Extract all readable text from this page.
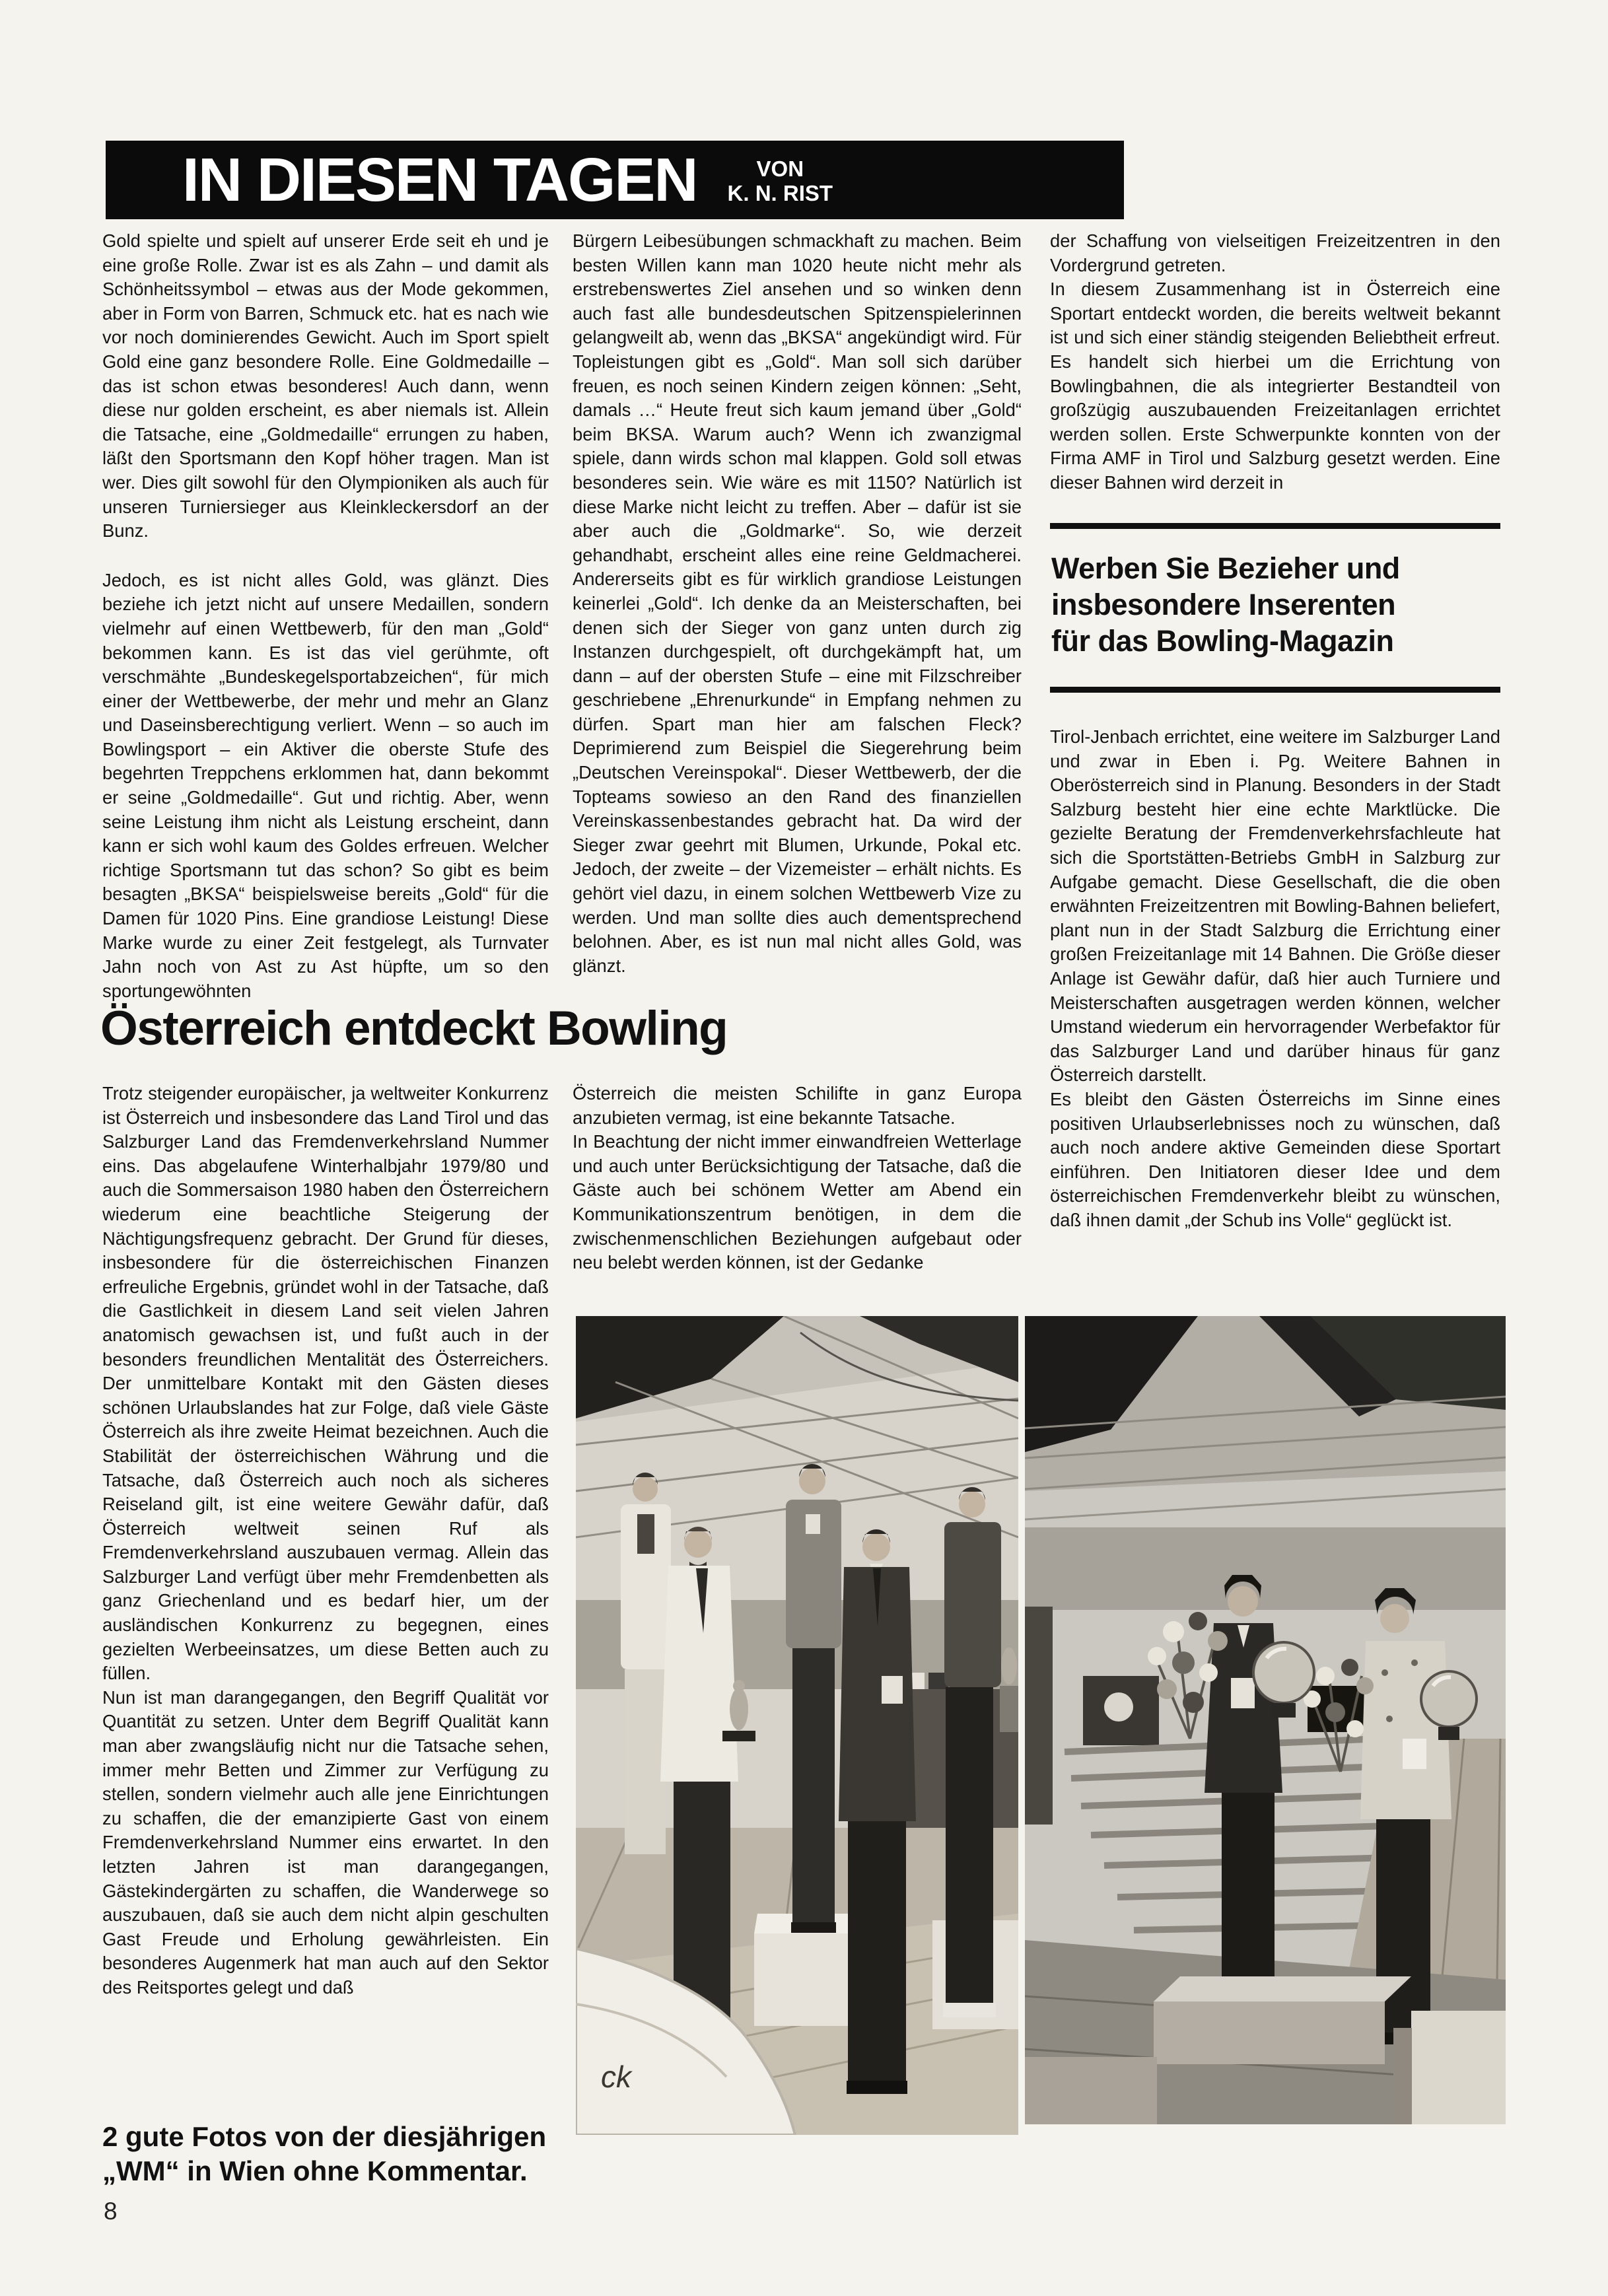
IN DIESEN TAGEN	VON
K. N. RIST

Gold spielte und spielt auf unserer Erde seit eh und je eine große Rolle. Zwar ist es als Zahn – und damit als Schönheitssymbol – etwas aus der Mode gekommen, aber in Form von Barren, Schmuck etc. hat es nach wie vor noch dominierendes Gewicht. Auch im Sport spielt Gold eine ganz besondere Rolle. Eine Goldmedaille – das ist schon etwas besonderes! Auch dann, wenn diese nur golden erscheint, es aber niemals ist. Allein die Tatsache, eine „Goldmedaille“ errungen zu haben, läßt den Sportsmann den Kopf höher tragen. Man ist wer. Dies gilt sowohl für den Olympioniken als auch für unseren Turniersieger aus Kleinkleckersdorf an der Bunz.

Jedoch, es ist nicht alles Gold, was glänzt. Dies beziehe ich jetzt nicht auf unsere Medaillen, sondern vielmehr auf einen Wettbewerb, für den man „Gold“ bekommen kann. Es ist das viel gerühmte, oft verschmähte „Bundeskegelsportabzeichen“, für mich einer der Wettbewerbe, der mehr und mehr an Glanz und Daseinsberechtigung verliert. Wenn – so auch im Bowlingsport – ein Aktiver die oberste Stufe des begehrten Treppchens erklommen hat, dann bekommt er seine „Goldmedaille“. Gut und richtig. Aber, wenn seine Leistung ihm nicht als Leistung erscheint, dann kann er sich wohl kaum des Goldes erfreuen. Welcher richtige Sportsmann tut das schon? So gibt es beim besagten „BKSA“ beispielsweise bereits „Gold“ für die Damen für 1020 Pins. Eine grandiose Leistung! Diese Marke wurde zu einer Zeit festgelegt, als Turnvater Jahn noch von Ast zu Ast hüpfte, um so den sportungewöhnten

Bürgern Leibesübungen schmackhaft zu machen. Beim besten Willen kann man 1020 heute nicht mehr als erstrebenswertes Ziel ansehen und so winken denn auch fast alle bundesdeutschen Spitzenspielerinnen gelangweilt ab, wenn das „BKSA“ angekündigt wird. Für Topleistungen gibt es „Gold“. Man soll sich darüber freuen, es noch seinen Kindern zeigen können: „Seht, damals …“ Heute freut sich kaum jemand über „Gold“ beim BKSA. Warum auch? Wenn ich zwanzigmal spiele, dann wirds schon mal klappen. Gold soll etwas besonderes sein. Wie wäre es mit 1150? Natürlich ist diese Marke nicht leicht zu treffen. Aber – dafür ist sie aber auch die „Goldmarke“. So, wie derzeit gehandhabt, erscheint alles eine reine Geldmacherei. Andererseits gibt es für wirklich grandiose Leistungen keinerlei „Gold“. Ich denke da an Meisterschaften, bei denen sich der Sieger von ganz unten durch zig Instanzen durchgespielt, oft durchgekämpft hat, um dann – auf der obersten Stufe – eine mit Filzschreiber geschriebene „Ehrenurkunde“ in Empfang nehmen zu dürfen. Spart man hier am falschen Fleck? Deprimierend zum Beispiel die Siegerehrung beim „Deutschen Vereinspokal“. Dieser Wettbewerb, der die Topteams sowieso an den Rand des finanziellen Vereinskassenbestandes gebracht hat. Da wird der Sieger zwar geehrt mit Blumen, Urkunde, Pokal etc. Jedoch, der zweite – der Vizemeister – erhält nichts. Es gehört viel dazu, in einem solchen Wettbewerb Vize zu werden. Und man sollte dies auch dementsprechend belohnen. Aber, es ist nun mal nicht alles Gold, was glänzt.

der Schaffung von vielseitigen Freizeitzentren in den Vordergrund getreten.

In diesem Zusammenhang ist in Österreich eine Sportart entdeckt worden, die bereits weltweit bekannt ist und sich einer ständig steigenden Beliebtheit erfreut. Es handelt sich hierbei um die Errichtung von Bowlingbahnen, die als integrierter Bestandteil von großzügig auszubauenden Freizeitanlagen errichtet werden sollen. Erste Schwerpunkte konnten von der Firma AMF in Tirol und Salzburg gesetzt werden. Eine dieser Bahnen wird derzeit in

Werben Sie Bezieher und
insbesondere Inserenten
für das Bowling-Magazin

Tirol-Jenbach errichtet, eine weitere im Salzburger Land und zwar in Eben i. Pg. Weitere Bahnen in Oberösterreich sind in Planung. Besonders in der Stadt Salzburg besteht hier eine echte Marktlücke. Die gezielte Beratung der Fremdenverkehrsfachleute hat sich die Sportstätten-Betriebs GmbH in Salzburg zur Aufgabe gemacht. Diese Gesellschaft, die die oben erwähnten Freizeitzentren mit Bowling-Bahnen beliefert, plant nun in der Stadt Salzburg die Errichtung einer großen Freizeitanlage mit 14 Bahnen. Die Größe dieser Anlage ist Gewähr dafür, daß hier auch Turniere und Meisterschaften ausgetragen werden können, welcher Umstand wiederum ein hervorragender Werbefaktor für das Salzburger Land und darüber hinaus für ganz Österreich darstellt.

Es bleibt den Gästen Österreichs im Sinne eines positiven Urlaubserlebnisses noch zu wünschen, daß auch noch andere aktive Gemeinden diese Sportart einführen. Den Initiatoren dieser Idee und dem österreichischen Fremdenverkehr bleibt zu wünschen, daß ihnen damit „der Schub ins Volle“ geglückt ist.

Österreich entdeckt Bowling

Trotz steigender europäischer, ja weltweiter Konkurrenz ist Österreich und insbesondere das Land Tirol und das Salzburger Land das Fremdenverkehrsland Nummer eins. Das abgelaufene Winterhalbjahr 1979/80 und auch die Sommersaison 1980 haben den Österreichern wiederum eine beachtliche Steigerung der Nächtigungsfrequenz gebracht. Der Grund für dieses, insbesondere für die österreichischen Finanzen erfreuliche Ergebnis, gründet wohl in der Tatsache, daß die Gastlichkeit in diesem Land seit vielen Jahren anatomisch gewachsen ist, und fußt auch in der besonders freundlichen Mentalität des Österreichers. Der unmittelbare Kontakt mit den Gästen dieses schönen Urlaubslandes hat zur Folge, daß viele Gäste Österreich als ihre zweite Heimat bezeichnen. Auch die Stabilität der österreichischen Währung und die Tatsache, daß Österreich auch noch als sicheres Reiseland gilt, ist eine weitere Gewähr dafür, daß Österreich weltweit seinen Ruf als Fremdenverkehrsland auszubauen vermag. Allein das Salzburger Land verfügt über mehr Fremdenbetten als ganz Griechenland und es bedarf hier, um der ausländischen Konkurrenz zu begegnen, eines gezielten Werbeeinsatzes, um diese Betten auch zu füllen.

Nun ist man darangegangen, den Begriff Qualität vor Quantität zu setzen. Unter dem Begriff Qualität kann man aber zwangsläufig nicht nur die Tatsache sehen, immer mehr Betten und Zimmer zur Verfügung zu stellen, sondern vielmehr auch alle jene Einrichtungen zu schaffen, die der emanzipierte Gast von einem Fremdenverkehrsland Nummer eins erwartet. In den letzten Jahren ist man darangegangen, Gästekindergärten zu schaffen, die Wanderwege so auszubauen, daß sie auch dem nicht alpin geschulten Gast Freude und Erholung gewährleisten. Ein besonderes Augenmerk hat man auch auf den Sektor des Reitsportes gelegt und daß

Österreich die meisten Schilifte in ganz Europa anzubieten vermag, ist eine bekannte Tatsache.

In Beachtung der nicht immer einwandfreien Wetterlage und auch unter Berücksichtigung der Tatsache, daß die Gäste auch bei schönem Wetter am Abend ein Kommunikationszentrum benötigen, in dem die zwischenmenschlichen Beziehungen aufgebaut oder neu belebt werden können, ist der Gedanke

ck

2 gute Fotos von der diesjährigen
„WM“ in Wien ohne Kommentar.

8
